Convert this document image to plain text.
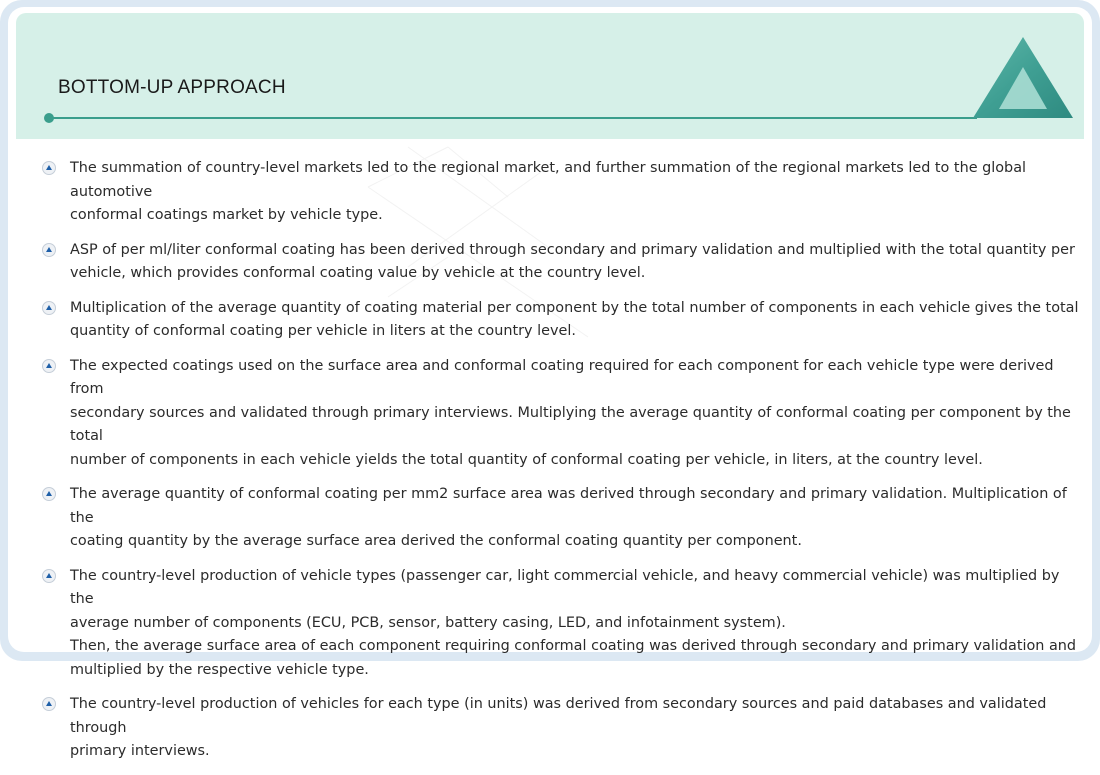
BOTTOM-UP APPROACH
The summation of country-level markets led to the regional market, and further summation of the regional markets led to the global automotive
conformal coatings market by vehicle type.
ASP of per ml/liter conformal coating has been derived through secondary and primary validation and multiplied with the total quantity per
vehicle, which provides conformal coating value by vehicle at the country level.
Multiplication of the average quantity of coating material per component by the total number of components in each vehicle gives the total
quantity of conformal coating per vehicle in liters at the country level.
The expected coatings used on the surface area and conformal coating required for each component for each vehicle type were derived from
secondary sources and validated through primary interviews. Multiplying the average quantity of conformal coating per component by the total
number of components in each vehicle yields the total quantity of conformal coating per vehicle, in liters, at the country level.
The average quantity of conformal coating per mm2 surface area was derived through secondary and primary validation. Multiplication of the
coating quantity by the average surface area derived the conformal coating quantity per component.
The country-level production of vehicle types (passenger car, light commercial vehicle, and heavy commercial vehicle) was multiplied by the
average number of components (ECU, PCB, sensor, battery casing, LED, and infotainment system).
Then, the average surface area of each component requiring conformal coating was derived through secondary and primary validation and
multiplied by the respective vehicle type.
The country-level production of vehicles for each type (in units) was derived from secondary sources and paid databases and validated through
primary interviews.
